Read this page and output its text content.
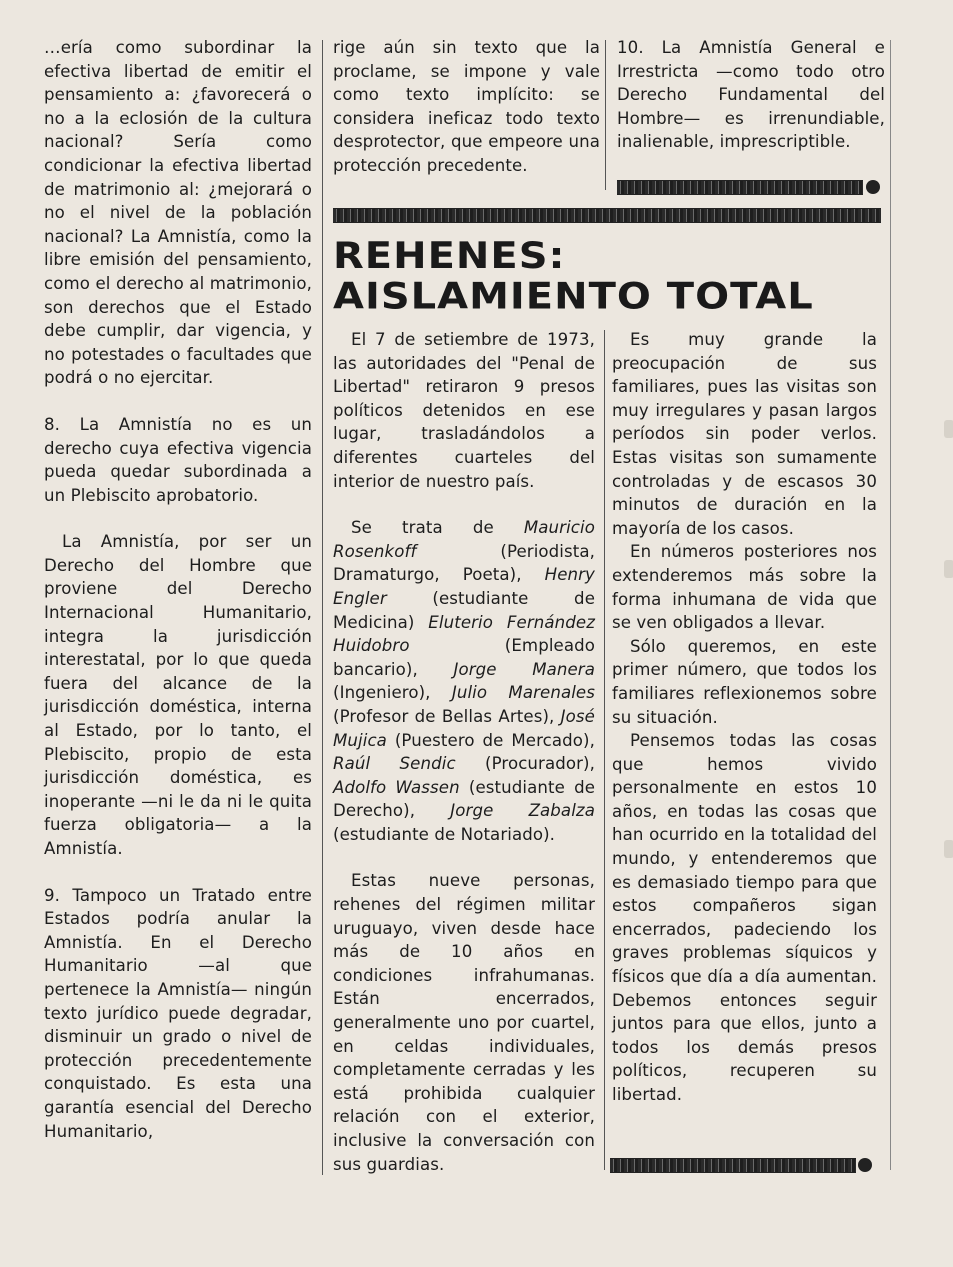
…ería como subordinar la efectiva libertad de emitir el pensamiento a: ¿favorecerá o no a la eclosión de la cultura nacional? Sería como condicionar la efectiva libertad de matrimonio al: ¿mejorará o no el nivel de la población nacional? La Amnistía, como la libre emisión del pensamiento, como el derecho al matrimonio, son derechos que el Estado debe cumplir, dar vigencia, y no potestades o facultades que podrá o no ejercitar.

8. La Amnistía no es un derecho cuya efectiva vigencia pueda quedar subordinada a un Plebiscito aprobatorio.

La Amnistía, por ser un Derecho del Hombre que proviene del Derecho Internacional Humanitario, integra la jurisdicción interestatal, por lo que queda fuera del alcance de la jurisdicción doméstica, interna al Estado, por lo tanto, el Plebiscito, propio de esta jurisdicción doméstica, es inoperante —ni le da ni le quita fuerza obligatoria— a la Amnistía.

9. Tampoco un Tratado entre Estados podría anular la Amnistía. En el Derecho Humanitario —al que pertenece la Amnistía— ningún texto jurídico puede degradar, disminuir un grado o nivel de protección precedentemente conquistado. Es esta una garantía esencial del Derecho Humanitario,

rige aún sin texto que la proclame, se impone y vale como texto implícito: se considera ineficaz todo texto desprotector, que empeore una protección precedente.

10. La Amnistía General e Irrestricta —como todo otro Derecho Fundamental del Hombre— es irrenundiable, inalienable, imprescriptible.

REHENES:
AISLAMIENTO TOTAL

El 7 de setiembre de 1973, las autoridades del "Penal de Libertad" retiraron 9 presos políticos detenidos en ese lugar, trasladándolos a diferentes cuarteles del interior de nuestro país.

Se trata de Mauricio Rosenkoff (Periodista, Dramaturgo, Poeta), Henry Engler (estudiante de Medicina) Eluterio Fernández Huidobro (Empleado bancario), Jorge Manera (Ingeniero), Julio Marenales (Profesor de Bellas Artes), José Mujica (Puestero de Mercado), Raúl Sendic (Procurador), Adolfo Wassen (estudiante de Derecho), Jorge Zabalza (estudiante de Notariado).

Estas nueve personas, rehenes del régimen militar uruguayo, viven desde hace más de 10 años en condiciones infrahumanas. Están encerrados, generalmente uno por cuartel, en celdas individuales, completamente cerradas y les está prohibida cualquier relación con el exterior, inclusive la conversación con sus guardias.

Es muy grande la preocupación de sus familiares, pues las visitas son muy irregulares y pasan largos períodos sin poder verlos. Estas visitas son sumamente controladas y de escasos 30 minutos de duración en la mayoría de los casos.

En números posteriores nos extenderemos más sobre la forma inhumana de vida que se ven obligados a llevar.

Sólo queremos, en este primer número, que todos los familiares reflexionemos sobre su situación.

Pensemos todas las cosas que hemos vivido personalmente en estos 10 años, en todas las cosas que han ocurrido en la totalidad del mundo, y entenderemos que es demasiado tiempo para que estos compañeros sigan encerrados, padeciendo los graves problemas síquicos y físicos que día a día aumentan. Debemos entonces seguir juntos para que ellos, junto a todos los demás presos políticos, recuperen su libertad.
